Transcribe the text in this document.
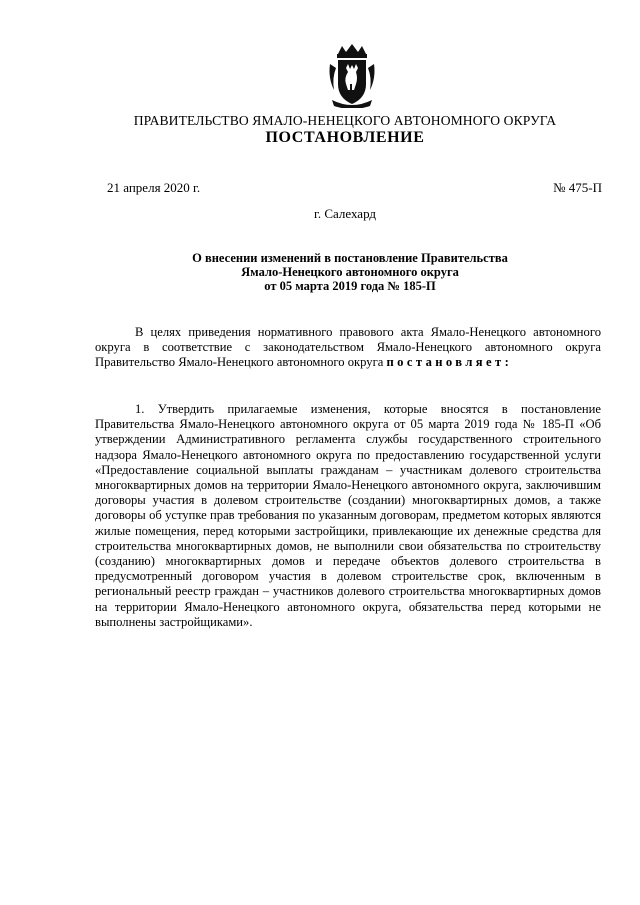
ПРАВИТЕЛЬСТВО ЯМАЛО-НЕНЕЦКОГО АВТОНОМНОГО ОКРУГА
ПОСТАНОВЛЕНИЕ
21 апреля 2020 г.	№ 475-П
г. Салехард
О внесении изменений в постановление Правительства
Ямало-Ненецкого автономного округа
от 05 марта 2019 года № 185-П

В целях приведения нормативного правового акта Ямало-Ненецкого автономного округа в соответствие с законодательством Ямало-Ненецкого автономного округа Правительство Ямало-Ненецкого автономного округа постановляет:

1. Утвердить прилагаемые изменения, которые вносятся в постановление Правительства Ямало-Ненецкого автономного округа от 05 марта 2019 года № 185-П «Об утверждении Административного регламента службы государственного строительного надзора Ямало-Ненецкого автономного округа по предоставлению государственной услуги «Предоставление социальной выплаты гражданам – участникам долевого строительства многоквартирных домов на территории Ямало-Ненецкого автономного округа, заключившим договоры участия в долевом строительстве (создании) многоквартирных домов, а также договоры об уступке прав требования по указанным договорам, предметом которых являются жилые помещения, перед которыми застройщики, привлекающие их денежные средства для строительства многоквартирных домов, не выполнили свои обязательства по строительству (созданию) многоквартирных домов и передаче объектов долевого строительства в предусмотренный договором участия в долевом строительстве срок, включенным в региональный реестр граждан – участников долевого строительства многоквартирных домов на территории Ямало-Ненецкого автономного округа, обязательства перед которыми не выполнены застройщиками».
